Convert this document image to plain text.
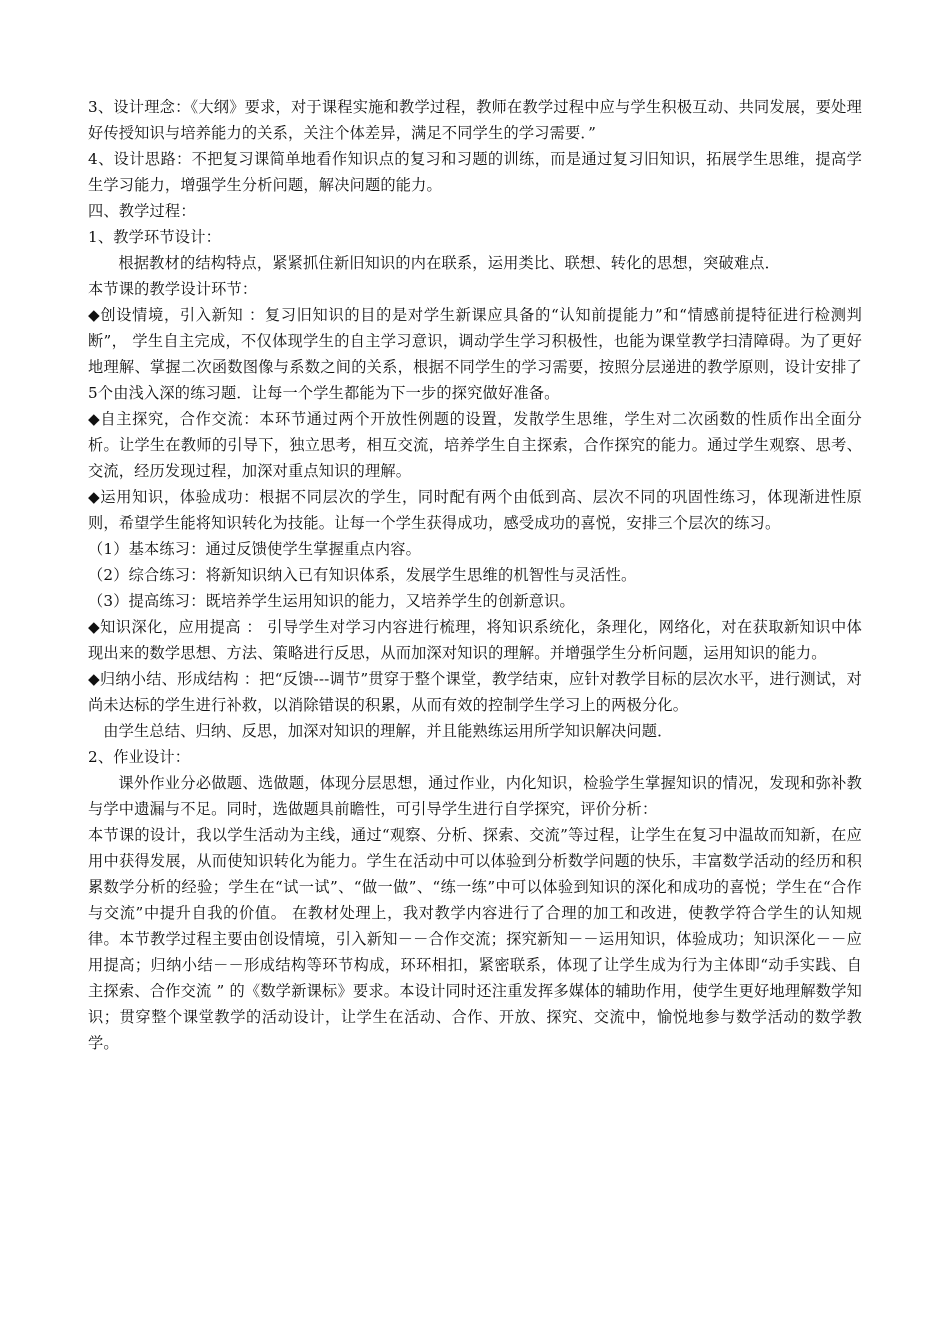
3、设计理念：《大纲》要求，对于课程实施和教学过程，教师在教学过程中应与学生积极互动、共同发展，要处理好传授知识与培养能力的关系，关注个体差异，满足不同学生的学习需要．”

4、设计思路：不把复习课简单地看作知识点的复习和习题的训练，而是通过复习旧知识，拓展学生思维，提高学生学习能力，增强学生分析问题，解决问题的能力。

四、教学过程：

1、教学环节设计：

根据教材的结构特点，紧紧抓住新旧知识的内在联系，运用类比、联想、转化的思想，突破难点．

本节课的教学设计环节：

◆创设情境，引入新知 ：复习旧知识的目的是对学生新课应具备的“认知前提能力”和“情感前提特征进行检测判断”， 学生自主完成，不仅体现学生的自主学习意识，调动学生学习积极性，也能为课堂教学扫清障碍。为了更好地理解、掌握二次函数图像与系数之间的关系，根据不同学生的学习需要，按照分层递进的教学原则，设计安排了5个由浅入深的练习题．让每一个学生都能为下一步的探究做好准备。

◆自主探究，合作交流：本环节通过两个开放性例题的设置，发散学生思维，学生对二次函数的性质作出全面分析。让学生在教师的引导下，独立思考，相互交流，培养学生自主探索，合作探究的能力。通过学生观察、思考、交流，经历发现过程，加深对重点知识的理解。

◆运用知识，体验成功：根据不同层次的学生，同时配有两个由低到高、层次不同的巩固性练习，体现渐进性原则，希望学生能将知识转化为技能。让每一个学生获得成功，感受成功的喜悦，安排三个层次的练习。

（1）基本练习：通过反馈使学生掌握重点内容。

（2）综合练习：将新知识纳入已有知识体系，发展学生思维的机智性与灵活性。

（3）提高练习：既培养学生运用知识的能力，又培养学生的创新意识。

◆知识深化，应用提高 ： 引导学生对学习内容进行梳理，将知识系统化，条理化，网络化，对在获取新知识中体现出来的数学思想、方法、策略进行反思，从而加深对知识的理解。并增强学生分析问题，运用知识的能力。

◆归纳小结、形成结构 ：把“反馈---调节”贯穿于整个课堂，教学结束，应针对教学目标的层次水平，进行测试，对尚未达标的学生进行补救，以消除错误的积累，从而有效的控制学生学习上的两极分化。

由学生总结、归纳、反思，加深对知识的理解，并且能熟练运用所学知识解决问题．

2、作业设计：

课外作业分必做题、选做题，体现分层思想，通过作业，内化知识，检验学生掌握知识的情况，发现和弥补教与学中遗漏与不足。同时，选做题具前瞻性，可引导学生进行自学探究，评价分析：

本节课的设计，我以学生活动为主线，通过“观察、分析、探索、交流”等过程，让学生在复习中温故而知新，在应用中获得发展，从而使知识转化为能力。学生在活动中可以体验到分析数学问题的快乐，丰富数学活动的经历和积累数学分析的经验；学生在“试一试”、“做一做”、“练一练”中可以体验到知识的深化和成功的喜悦；学生在“合作与交流”中提升自我的价值。 在教材处理上，我对教学内容进行了合理的加工和改进，使教学符合学生的认知规律。本节教学过程主要由创设情境，引入新知－－合作交流；探究新知－－运用知识，体验成功；知识深化－－应用提高；归纳小结－－形成结构等环节构成，环环相扣，紧密联系，体现了让学生成为行为主体即“动手实践、自主探索、合作交流 ” 的《数学新课标》要求。本设计同时还注重发挥多媒体的辅助作用，使学生更好地理解数学知识；贯穿整个课堂教学的活动设计，让学生在活动、合作、开放、探究、交流中，愉悦地参与数学活动的数学教学。
